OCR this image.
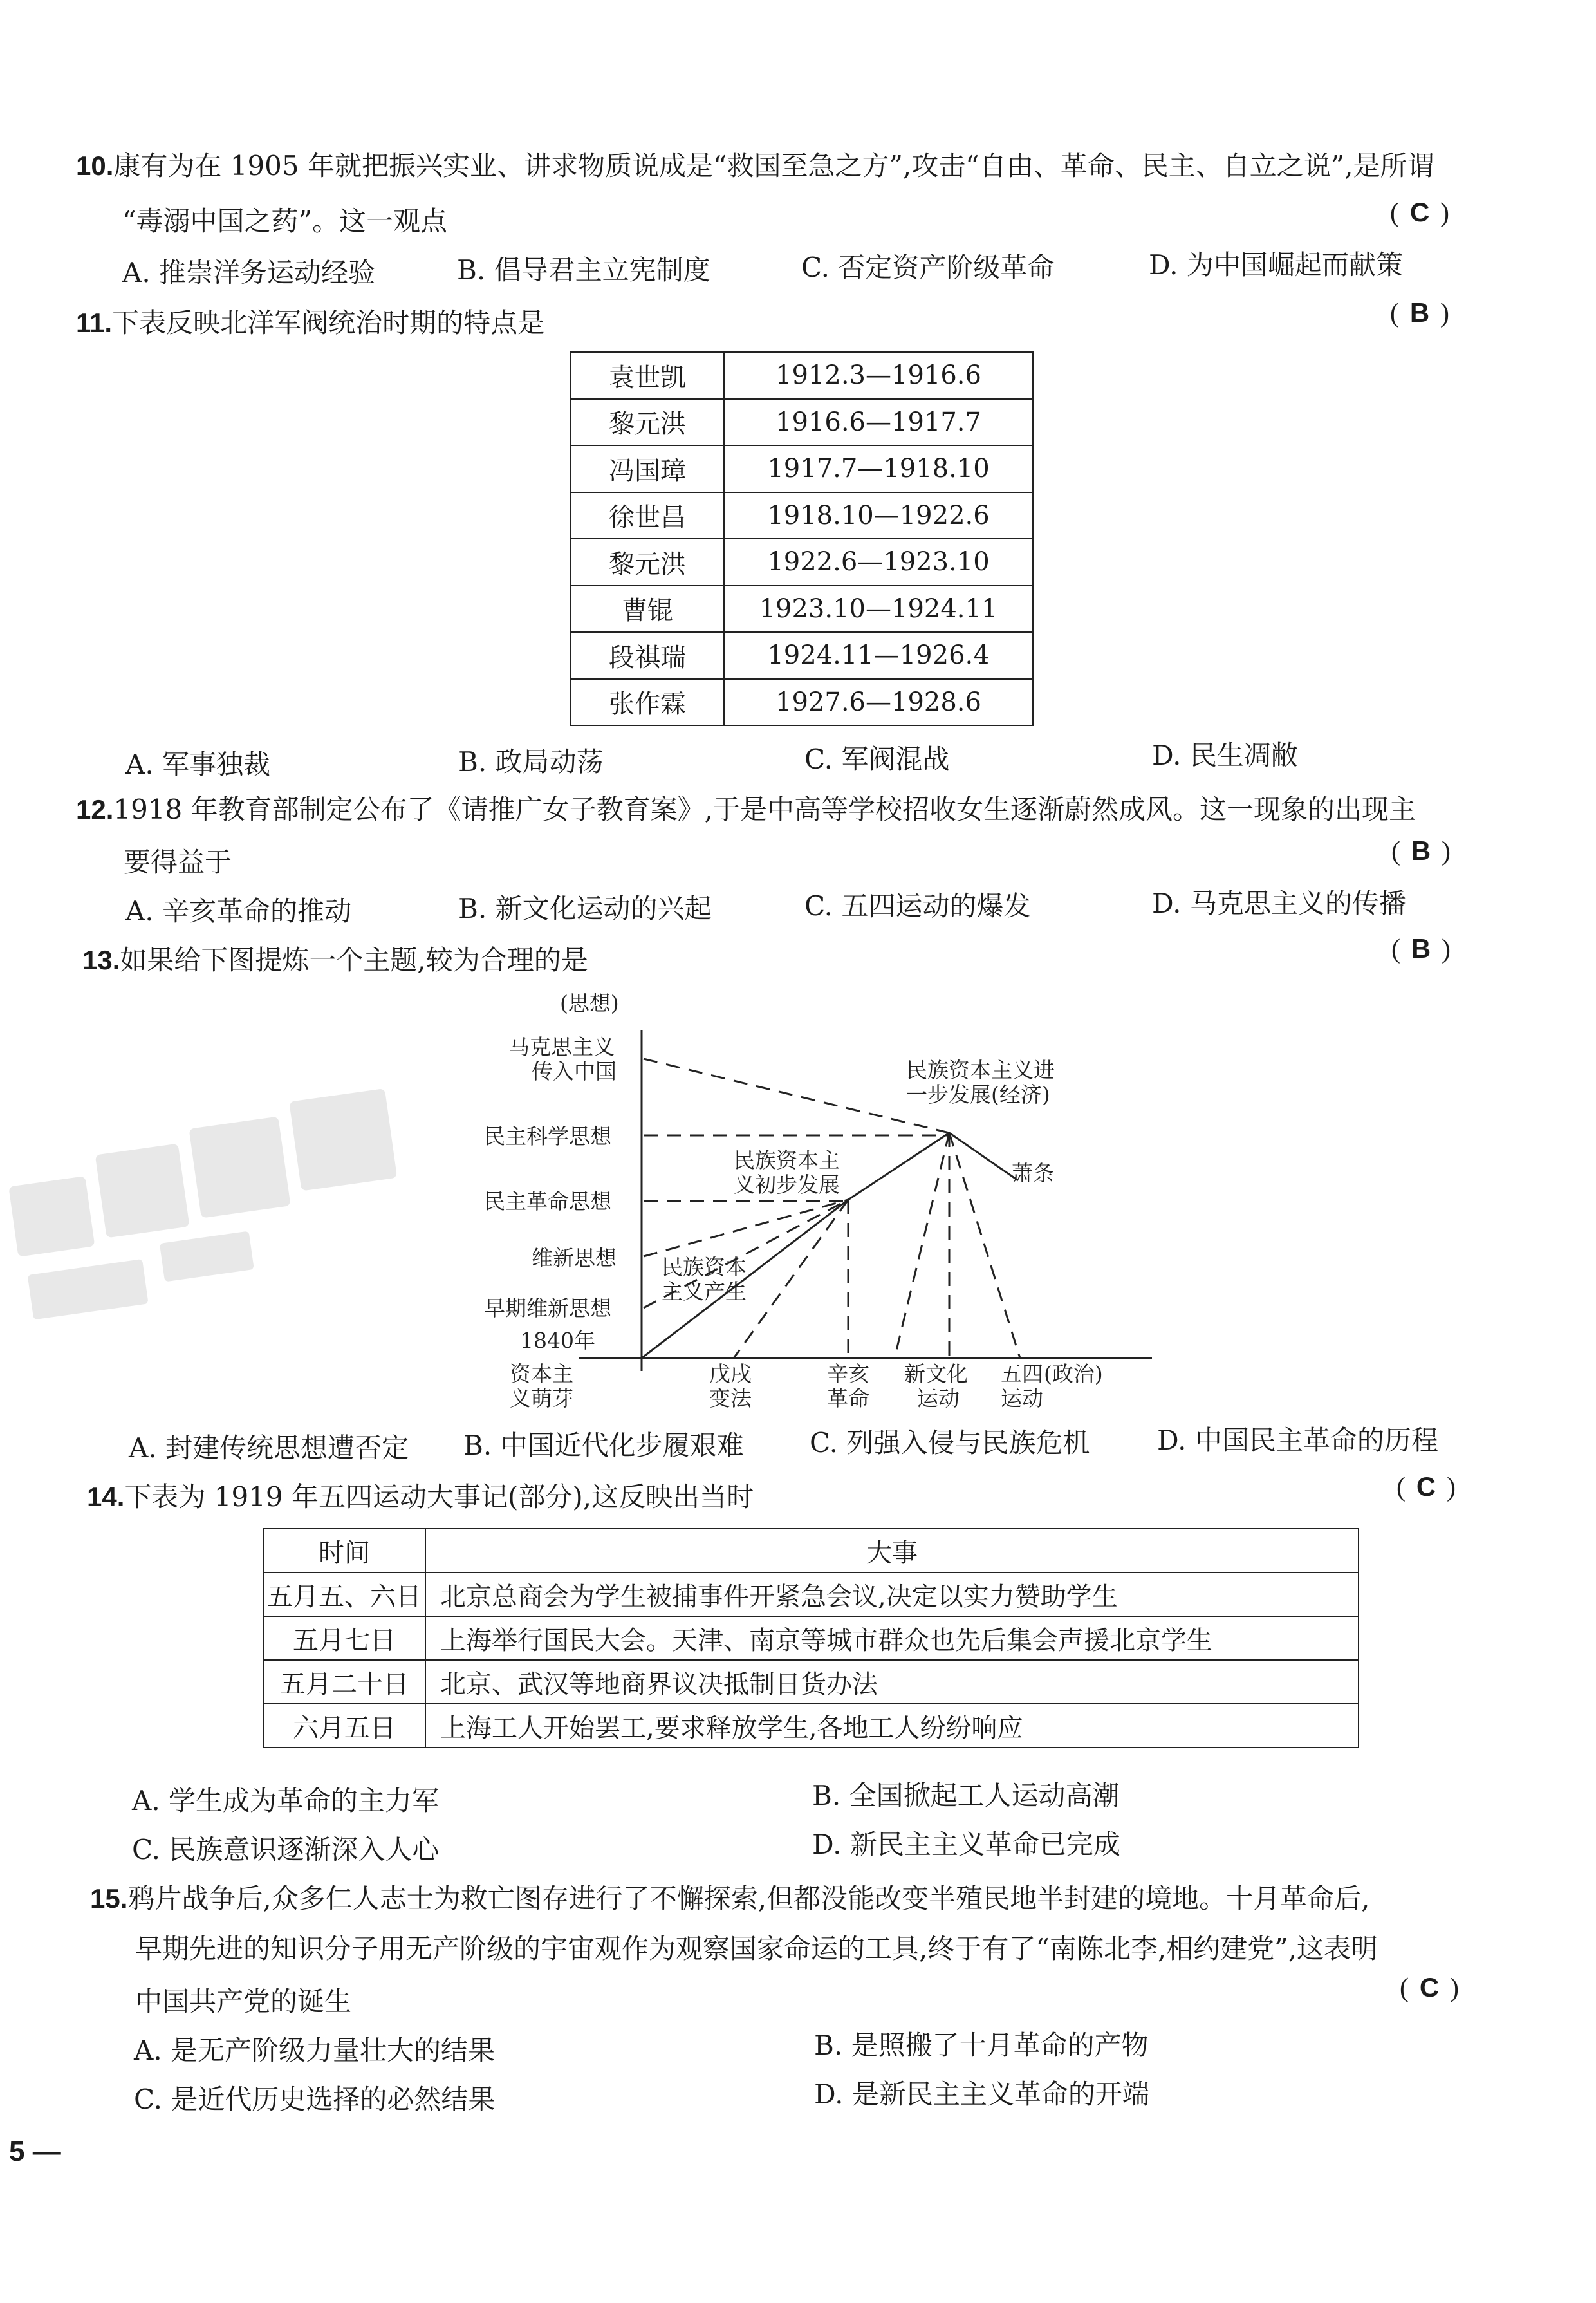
10.康有为在 1905 年就把振兴实业、讲求物质说成是“救国至急之方”,攻击“自由、革命、民主、自立之说”,是所谓
“毒溺中国之药”。这一观点	( C )
A. 推崇洋务运动经验	B. 倡导君主立宪制度	C. 否定资产阶级革命	D. 为中国崛起而献策
11.下表反映北洋军阀统治时期的特点是	( B )
袁世凯	1912.3—1916.6
黎元洪	1916.6—1917.7
冯国璋	1917.7—1918.10
徐世昌	1918.10—1922.6
黎元洪	1922.6—1923.10
曹锟	1923.10—1924.11
段祺瑞	1924.11—1926.4
张作霖	1927.6—1928.6
A. 军事独裁	B. 政局动荡	C. 军阀混战	D. 民生凋敝
12.1918 年教育部制定公布了《请推广女子教育案》,于是中高等学校招收女生逐渐蔚然成风。这一现象的出现主
要得益于	( B )
A. 辛亥革命的推动	B. 新文化运动的兴起	C. 五四运动的爆发	D. 马克思主义的传播
13.如果给下图提炼一个主题,较为合理的是	( B )
(思想)
马克思主义
传入中国
民主科学思想
民主革命思想
维新思想
早期维新思想
1840年
资本主
义萌芽
戊戌
变法
辛亥
革命
新文化
运动
五四
运动
(政治)
民族资本主义进
一步发展(经济)
民族资本主
义初步发展
民族资本
主义产生
萧条
A. 封建传统思想遭否定 B. 中国近代化步履艰难 C. 列强入侵与民族危机 D. 中国民主革命的历程
14.下表为 1919 年五四运动大事记(部分),这反映出当时	( C )
时间	大事
五月五、六日	北京总商会为学生被捕事件开紧急会议,决定以实力赞助学生
五月七日	上海举行国民大会。天津、南京等城市群众也先后集会声援北京学生
五月二十日	北京、武汉等地商界议决抵制日货办法
六月五日	上海工人开始罢工,要求释放学生,各地工人纷纷响应
A. 学生成为革命的主力军	B. 全国掀起工人运动高潮
C. 民族意识逐渐深入人心	D. 新民主主义革命已完成
15.鸦片战争后,众多仁人志士为救亡图存进行了不懈探索,但都没能改变半殖民地半封建的境地。十月革命后,
早期先进的知识分子用无产阶级的宇宙观作为观察国家命运的工具,终于有了“南陈北李,相约建党”,这表明
中国共产党的诞生	( C )
A. 是无产阶级力量壮大的结果	B. 是照搬了十月革命的产物
C. 是近代历史选择的必然结果	D. 是新民主主义革命的开端
5 —
